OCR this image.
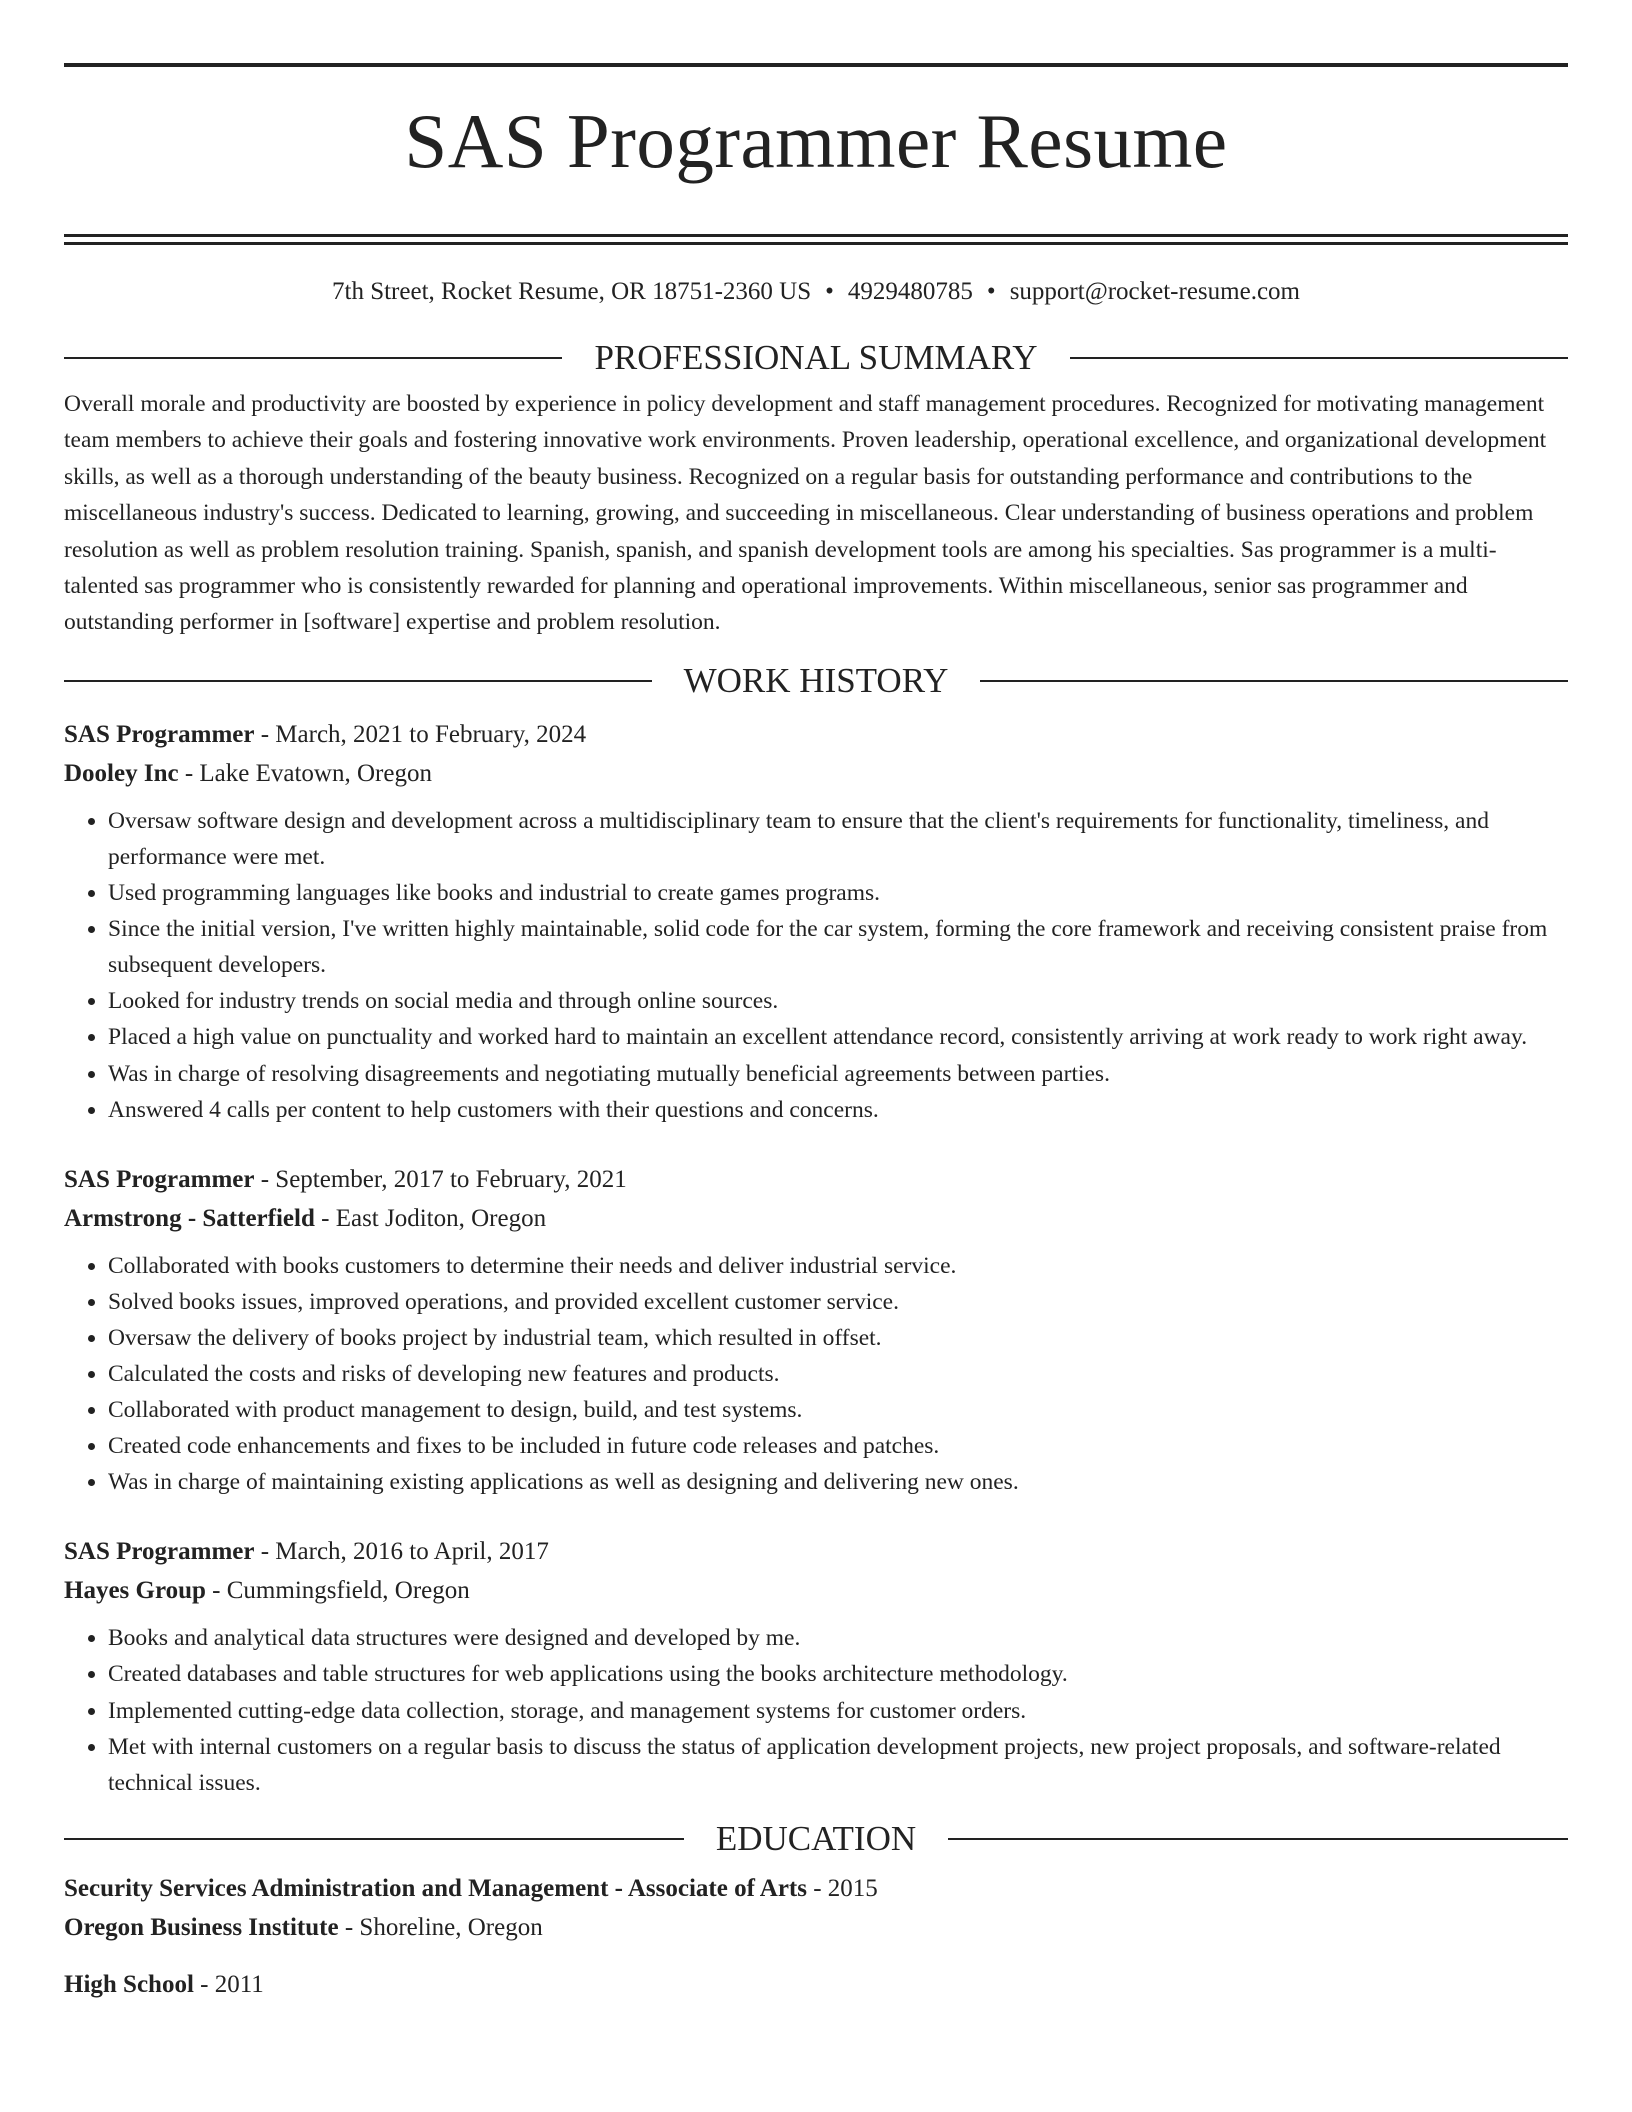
SAS Programmer Resume
7th Street, Rocket Resume, OR 18751-2360 US • 4929480785 • support@rocket-resume.com
PROFESSIONAL SUMMARY

Overall morale and productivity are boosted by experience in policy development and staff management procedures. Recognized for motivating management team members to achieve their goals and fostering innovative work environments. Proven leadership, operational excellence, and organizational development skills, as well as a thorough understanding of the beauty business. Recognized on a regular basis for outstanding performance and contributions to the miscellaneous industry's success. Dedicated to learning, growing, and succeeding in miscellaneous. Clear understanding of business operations and problem resolution as well as problem resolution training. Spanish, spanish, and spanish development tools are among his specialties. Sas programmer is a multi-talented sas programmer who is consistently rewarded for planning and operational improvements. Within miscellaneous, senior sas programmer and outstanding performer in [software] expertise and problem resolution.

WORK HISTORY
SAS Programmer - March, 2021 to February, 2024
Dooley Inc - Lake Evatown, Oregon
• Oversaw software design and development across a multidisciplinary team to ensure that the client's requirements for functionality, timeliness, and performance were met.
• Used programming languages like books and industrial to create games programs.
• Since the initial version, I've written highly maintainable, solid code for the car system, forming the core framework and receiving consistent praise from subsequent developers.
• Looked for industry trends on social media and through online sources.
• Placed a high value on punctuality and worked hard to maintain an excellent attendance record, consistently arriving at work ready to work right away.
• Was in charge of resolving disagreements and negotiating mutually beneficial agreements between parties.
• Answered 4 calls per content to help customers with their questions and concerns.
SAS Programmer - September, 2017 to February, 2021
Armstrong - Satterfield - East Joditon, Oregon
• Collaborated with books customers to determine their needs and deliver industrial service.
• Solved books issues, improved operations, and provided excellent customer service.
• Oversaw the delivery of books project by industrial team, which resulted in offset.
• Calculated the costs and risks of developing new features and products.
• Collaborated with product management to design, build, and test systems.
• Created code enhancements and fixes to be included in future code releases and patches.
• Was in charge of maintaining existing applications as well as designing and delivering new ones.
SAS Programmer - March, 2016 to April, 2017
Hayes Group - Cummingsfield, Oregon
• Books and analytical data structures were designed and developed by me.
• Created databases and table structures for web applications using the books architecture methodology.
• Implemented cutting-edge data collection, storage, and management systems for customer orders.
• Met with internal customers on a regular basis to discuss the status of application development projects, new project proposals, and software-related technical issues.
EDUCATION
Security Services Administration and Management - Associate of Arts - 2015
Oregon Business Institute - Shoreline, Oregon
High School - 2011
